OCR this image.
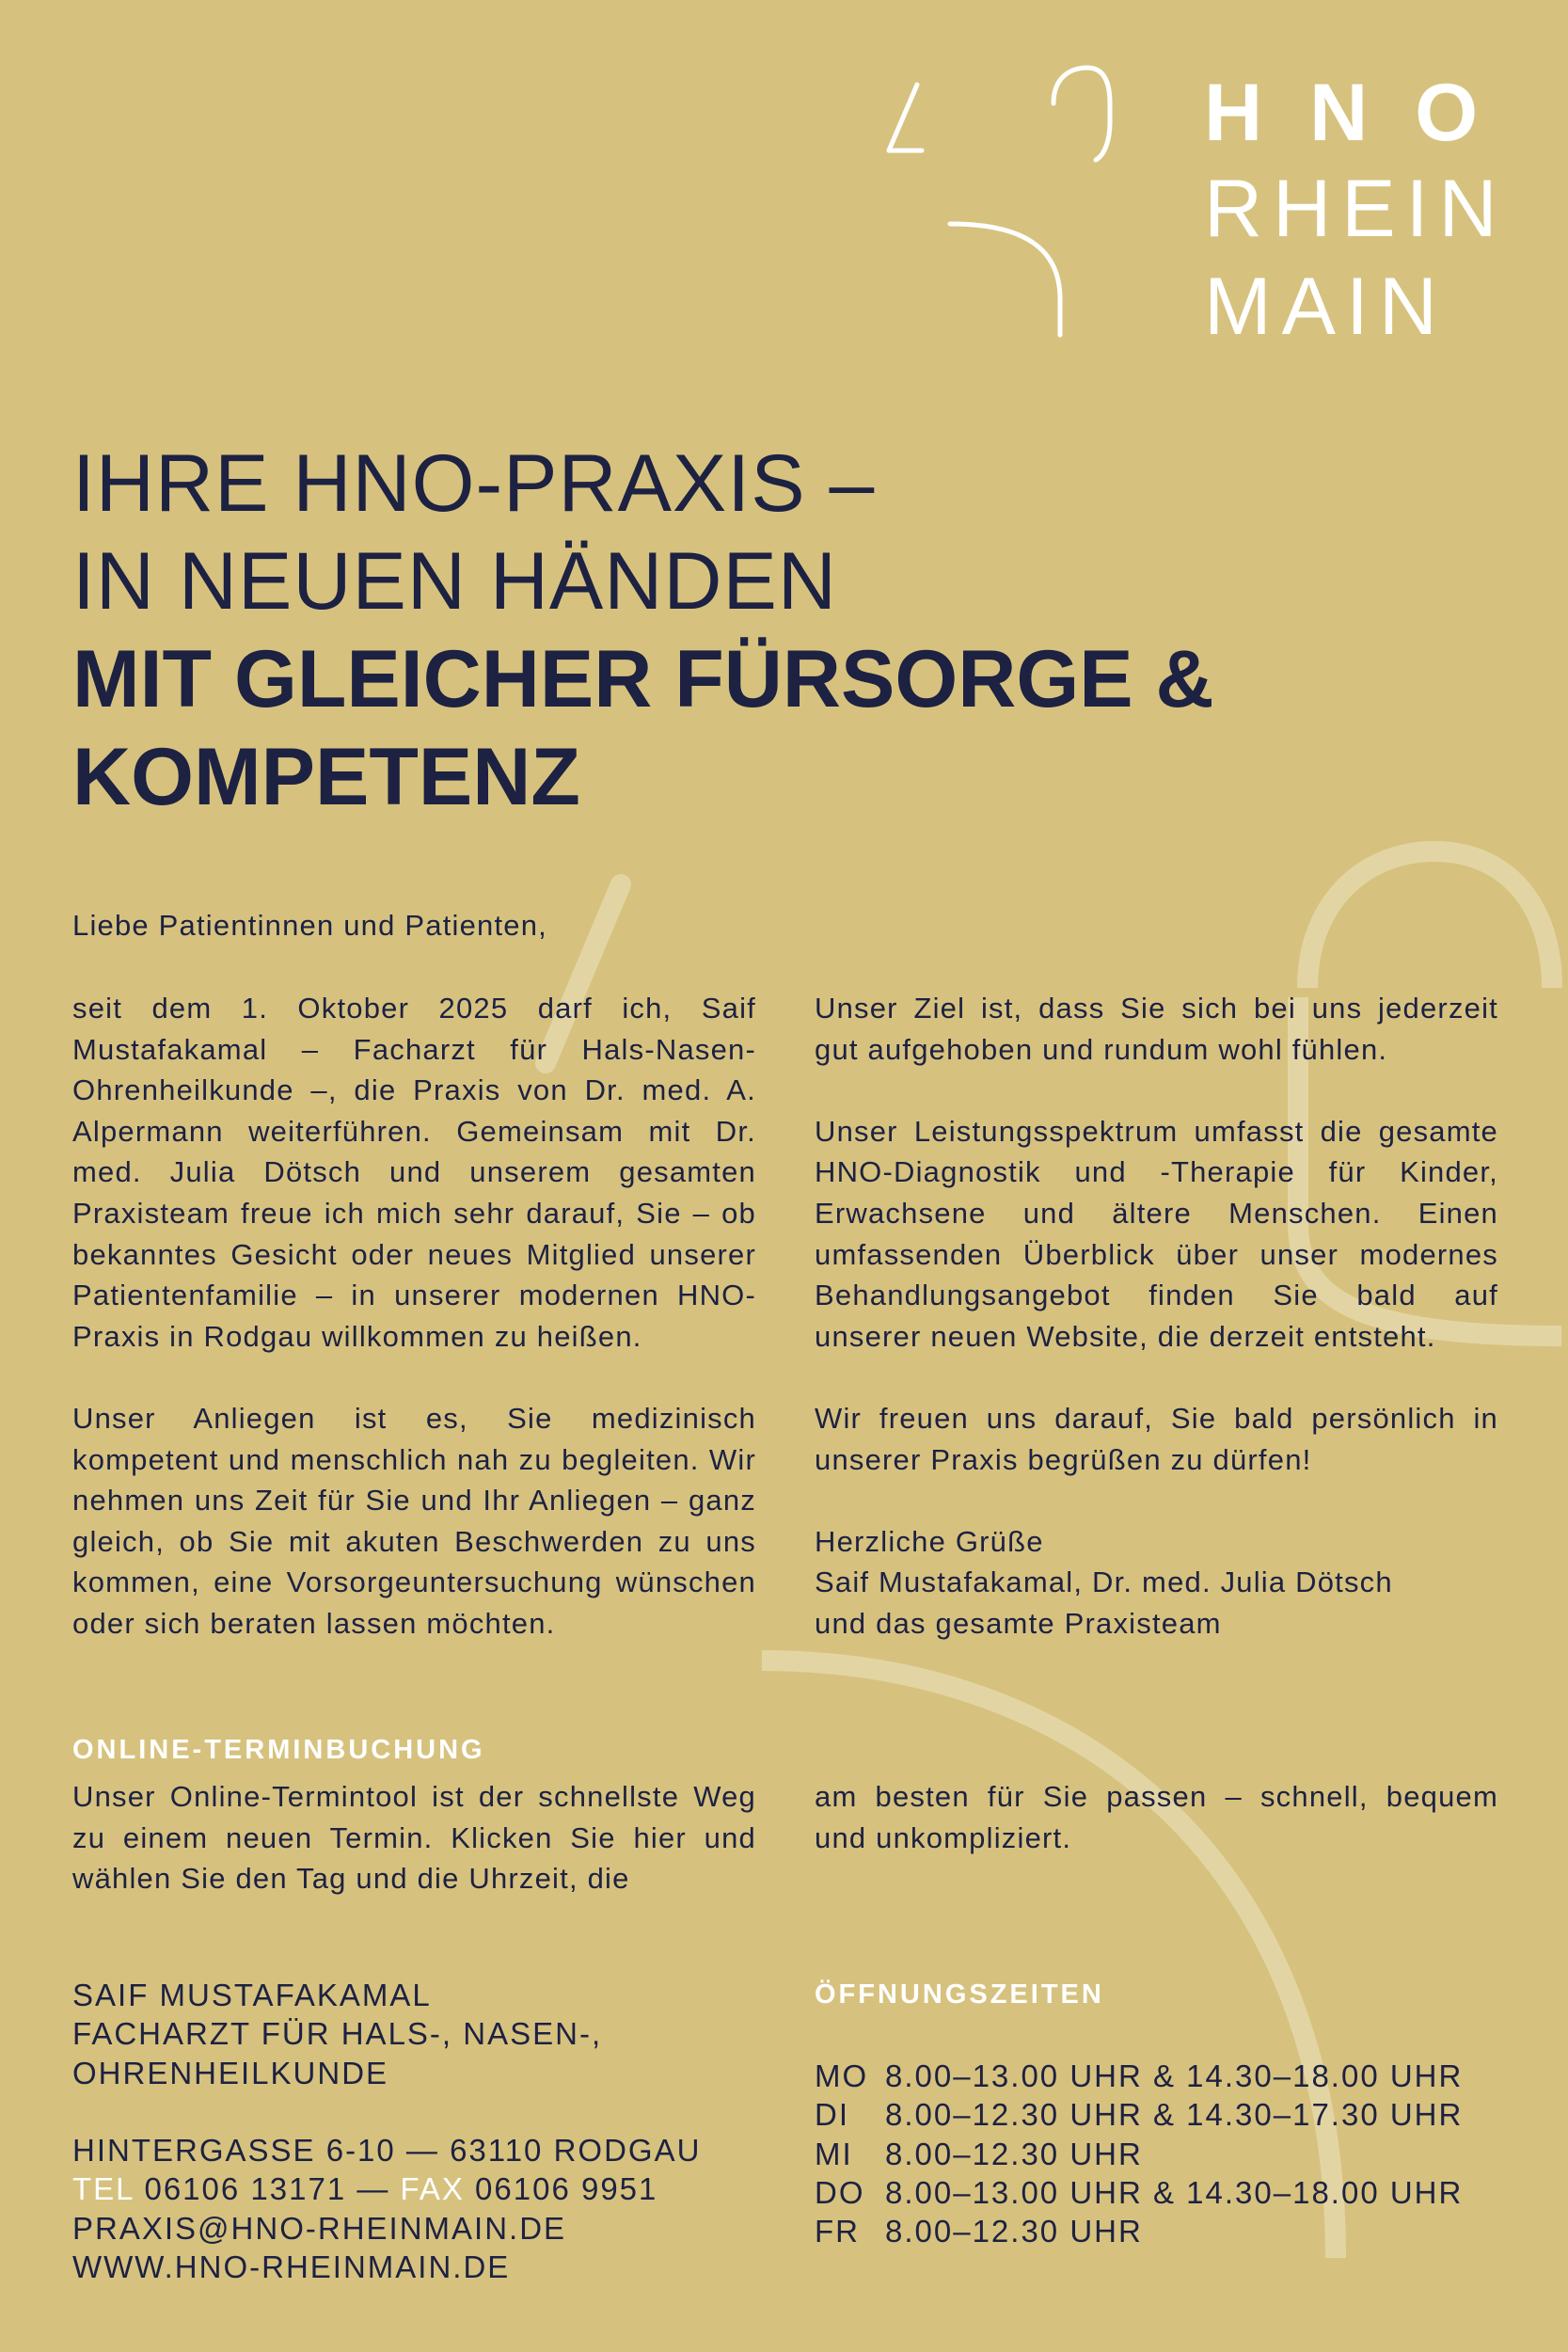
HNO
RHEIN
MAIN
IHRE HNO-PRAXIS –
IN NEUEN HÄNDEN
MIT GLEICHER FÜRSORGE &
KOMPETENZ
Liebe Patientinnen und Patienten,

seit dem 1. Oktober 2025 darf ich, Saif Mustafakamal – Facharzt für Hals-Nasen-Ohrenheilkunde –, die Praxis von Dr. med. A. Alpermann weiterführen. Gemeinsam mit Dr. med. Julia Dötsch und unserem gesamten Praxisteam freue ich mich sehr darauf, Sie – ob bekanntes Gesicht oder neues Mitglied unserer Patientenfamilie – in unserer modernen HNO-Praxis in Rodgau willkommen zu heißen.

Unser Anliegen ist es, Sie medizinisch kompetent und menschlich nah zu begleiten. Wir nehmen uns Zeit für Sie und Ihr Anliegen – ganz gleich, ob Sie mit akuten Beschwerden zu uns kommen, eine Vorsorgeuntersuchung wünschen oder sich beraten lassen möchten.

Unser Ziel ist, dass Sie sich bei uns jederzeit gut aufgehoben und rundum wohl fühlen.

Unser Leistungsspektrum umfasst die gesamte HNO-Diagnostik und -Therapie für Kinder, Erwachsene und ältere Menschen. Einen umfassenden Überblick über unser modernes Behandlungsangebot finden Sie bald auf unserer neuen Website, die derzeit entsteht.

Wir freuen uns darauf, Sie bald persönlich in unserer Praxis begrüßen zu dürfen!

Herzliche Grüße
Saif Mustafakamal, Dr. med. Julia Dötsch
und das gesamte Praxisteam

ONLINE-TERMINBUCHUNG
Unser Online-Termintool ist der schnellste Weg zu einem neuen Termin. Klicken Sie hier und wählen Sie den Tag und die Uhrzeit, die
am besten für Sie passen – schnell, bequem und unkompliziert.
SAIF MUSTAFAKAMAL
FACHARZT FÜR HALS-, NASEN-,
OHRENHEILKUNDE
HINTERGASSE 6-10 — 63110 RODGAU
TEL 06106 13171 — FAX 06106 9951
PRAXIS@HNO-RHEINMAIN.DE
WWW.HNO-RHEINMAIN.DE
ÖFFNUNGSZEITEN
MO 8.00–13.00 UHR & 14.30–18.00 UHR
DI	8.00–12.30 UHR & 14.30–17.30 UHR
MI	8.00–12.30 UHR
DO 8.00–13.00 UHR & 14.30–18.00 UHR
FR 8.00–12.30 UHR
